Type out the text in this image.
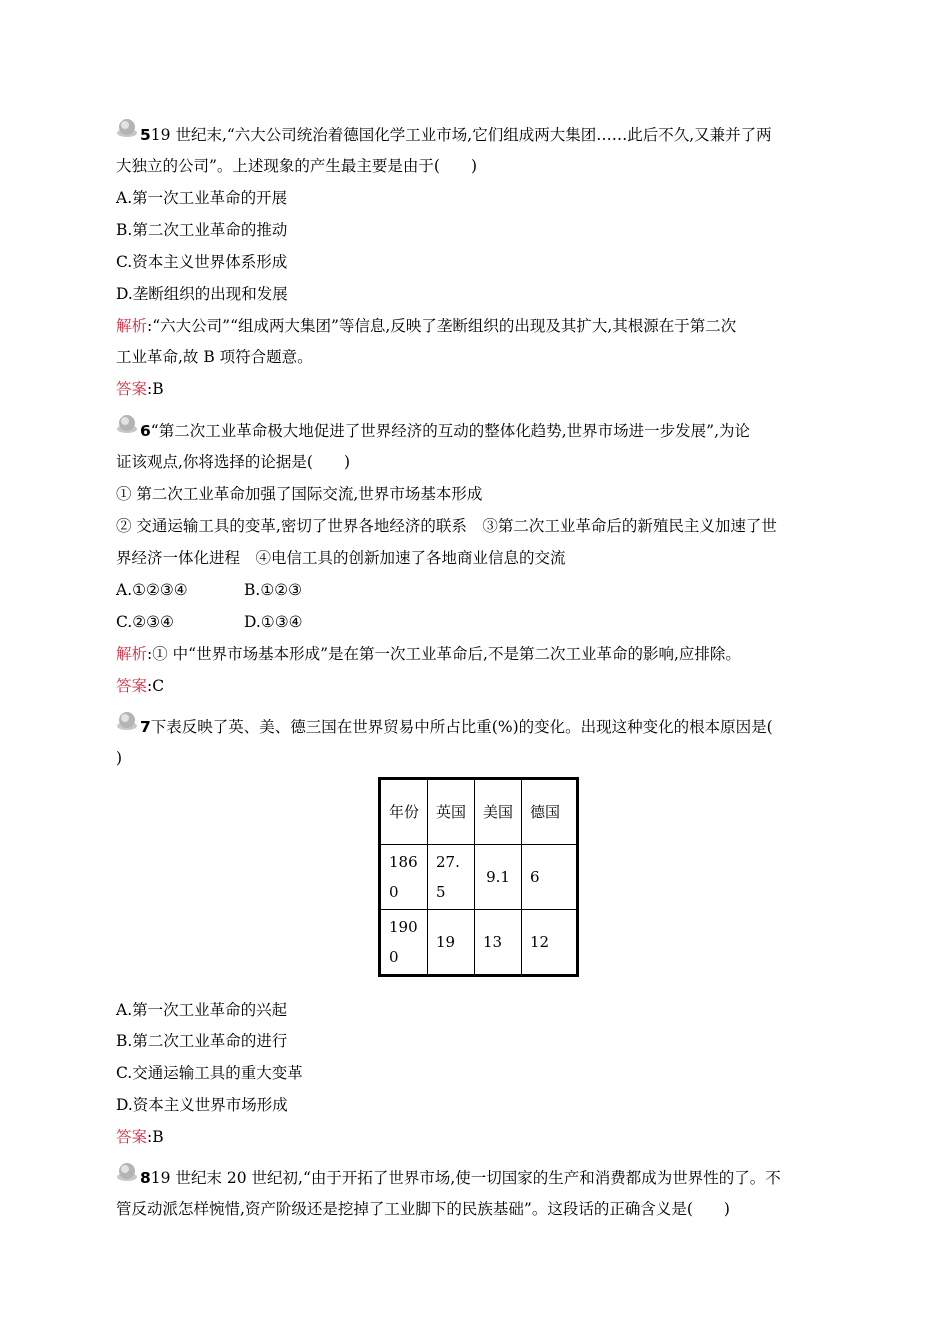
519 世纪末,“六大公司统治着德国化学工业市场,它们组成两大集团……此后不久,又兼并了两
大独立的公司”。上述现象的产生最主要是由于(　　)
A.第一次工业革命的开展
B.第二次工业革命的推动
C.资本主义世界体系形成
D.垄断组织的出现和发展
解析:“六大公司”“组成两大集团”等信息,反映了垄断组织的出现及其扩大,其根源在于第二次
工业革命,故 B 项符合题意。
答案:B
6“第二次工业革命极大地促进了世界经济的互动的整体化趋势,世界市场进一步发展”,为论
证该观点,你将选择的论据是(　　)
① 第二次工业革命加强了国际交流,世界市场基本形成
② 交通运输工具的变革,密切了世界各地经济的联系　③第二次工业革命后的新殖民主义加速了世
界经济一体化进程　④电信工具的创新加速了各地商业信息的交流
A.①②③④	B.①②③
C.②③④	D.①③④
解析:① 中“世界市场基本形成”是在第一次工业革命后,不是第二次工业革命的影响,应排除。
答案:C
7下表反映了英、美、德三国在世界贸易中所占比重(%)的变化。出现这种变化的根本原因是(
)
年份	英国	美国	德国
1860	27.5	9.1	6
1900	19	13	12
A.第一次工业革命的兴起
B.第二次工业革命的进行
C.交通运输工具的重大变革
D.资本主义世界市场形成
答案:B
819 世纪末 20 世纪初,“由于开拓了世界市场,使一切国家的生产和消费都成为世界性的了。不
管反动派怎样惋惜,资产阶级还是挖掉了工业脚下的民族基础”。这段话的正确含义是(　　)
